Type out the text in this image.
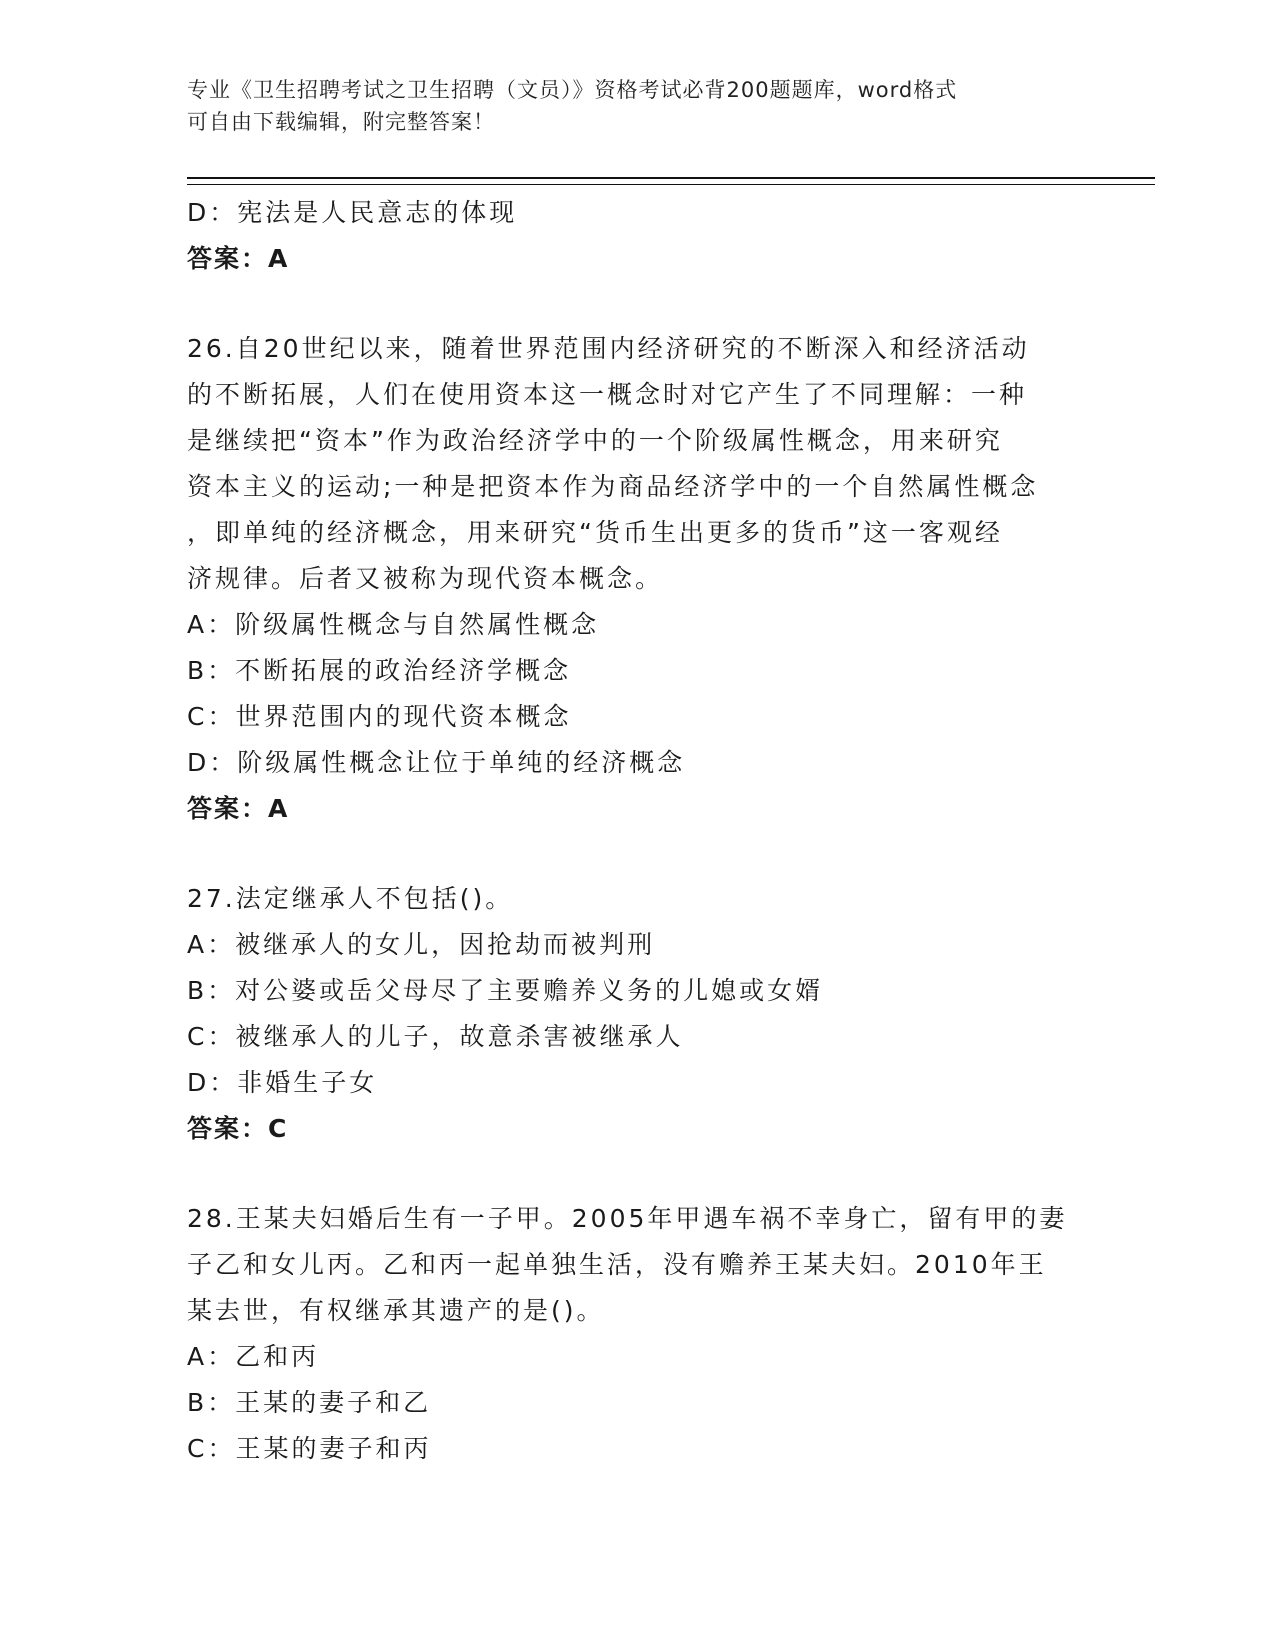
专业《卫生招聘考试之卫生招聘（文员）》资格考试必背200题题库，word格式
可自由下载编辑，附完整答案！
D：宪法是人民意志的体现
答案：A
26.自20世纪以来，随着世界范围内经济研究的不断深入和经济活动
的不断拓展，人们在使用资本这一概念时对它产生了不同理解：一种
是继续把“资本”作为政治经济学中的一个阶级属性概念，用来研究
资本主义的运动;一种是把资本作为商品经济学中的一个自然属性概念
，即单纯的经济概念，用来研究“货币生出更多的货币”这一客观经
济规律。后者又被称为现代资本概念。
A：阶级属性概念与自然属性概念
B：不断拓展的政治经济学概念
C：世界范围内的现代资本概念
D：阶级属性概念让位于单纯的经济概念
答案：A
27.法定继承人不包括()。
A：被继承人的女儿，因抢劫而被判刑
B：对公婆或岳父母尽了主要赡养义务的儿媳或女婿
C：被继承人的儿子，故意杀害被继承人
D：非婚生子女
答案：C
28.王某夫妇婚后生有一子甲。2005年甲遇车祸不幸身亡，留有甲的妻
子乙和女儿丙。乙和丙一起单独生活，没有赡养王某夫妇。2010年王
某去世，有权继承其遗产的是()。
A：乙和丙
B：王某的妻子和乙
C：王某的妻子和丙
